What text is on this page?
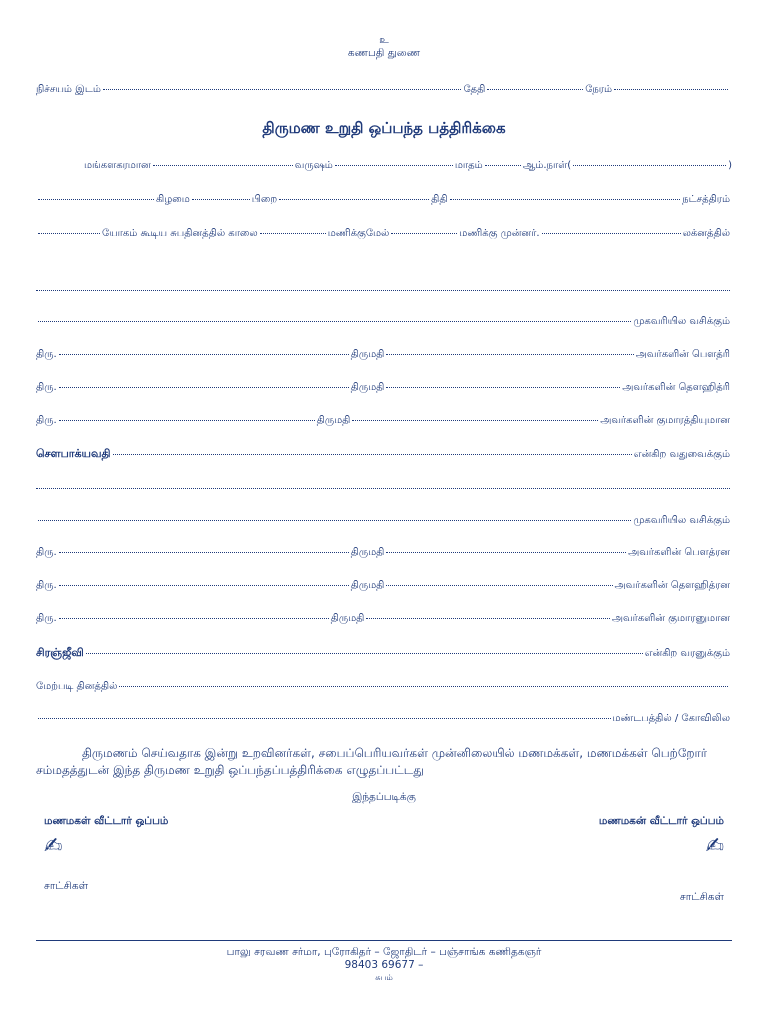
உ
கணபதி துணை
நிச்சயம் இடம்	தேதி	நேரம்
திருமண உறுதி ஒப்பந்த பத்திரிக்கை
மங்களகரமான	வருஷம்	மாதம்	ஆம்.நாள்(	)
கிழமை	பிறை	திதி	நட்சத்திரம்
யோகம் கூடிய சுபதினத்தில் காலை	மணிக்குமேல்	மணிக்கு முன்னர்.	லக்னத்தில்
முகவரியில வசிக்கும்
திரு.	திருமதி	அவர்களின் பௌத்ரி
திரு.	திருமதி	அவர்களின் தௌஹித்ரி
திரு.	திருமதி	அவர்களின் குமாரத்தியுமான
சௌபாக்யவதி	என்கிற வதுவைக்கும்
முகவரியில வசிக்கும்
திரு.	திருமதி	அவர்களின் பௌத்ரன
திரு.	திருமதி	அவர்களின் தௌஹித்ரன
திரு.	திருமதி	அவர்களின் குமாரனுமான
சிரஞ்ஜீவி	என்கிற வரனுக்கும்
மேற்படி தினத்தில்
மண்டபத்தில் / கோவிலில
திருமணம் செய்வதாக இன்று உறவினர்கள், சபைப்பெரியவர்கள் முன்னிலையில் மணமக்கள், மணமக்கள் பெற்றோர் சம்மதத்துடன் இந்த திருமண உறுதி ஒப்பந்தப்பத்திரிக்கை எழுதப்பட்டது
இந்தப்படிக்கு
மணமகள் வீட்டார் ஒப்பம்	மணமகன் வீட்டார் ஒப்பம்
✍	✍
சாட்சிகள்
சாட்சிகள்
பாலு சரவண சர்மா, புரோகிதர் – ஜோதிடர் – பஞ்சாங்க கணிதகஞர்
98403 69677 –
சுபம்
